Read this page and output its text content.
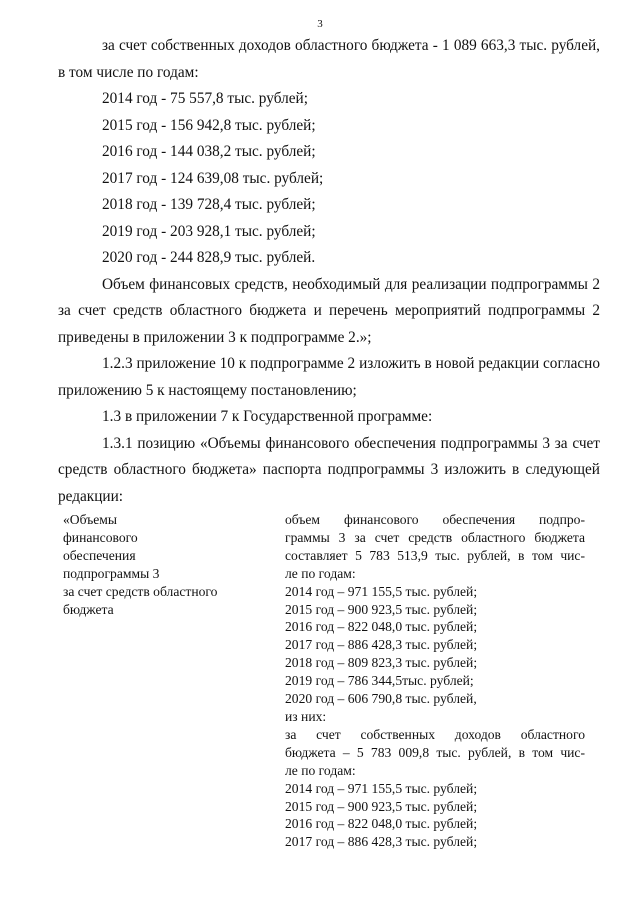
3

за счет собственных доходов областного бюджета - 1 089 663,3 тыс. рублей, в том числе по годам:

2014 год - 75 557,8 тыс. рублей;

2015 год - 156 942,8 тыс. рублей;

2016 год - 144 038,2 тыс. рублей;

2017 год - 124 639,08 тыс. рублей;

2018 год - 139 728,4 тыс. рублей;

2019 год - 203 928,1 тыс. рублей;

2020 год - 244 828,9 тыс. рублей.

Объем финансовых средств, необходимый для реализации подпрограммы 2 за счет средств областного бюджета и перечень мероприятий подпрограммы 2 приведены в приложении 3 к подпрограмме 2.»;

1.2.3 приложение 10 к подпрограмме 2 изложить в новой редакции согласно приложению 5 к настоящему постановлению;

1.3 в приложении 7 к Государственной программе:

1.3.1 позицию «Объемы финансового обеспечения подпрограммы 3 за счет средств областного бюджета» паспорта подпрограммы 3 изложить в следующей редакции:

«Объемы

финансового

обеспечения

подпрограммы 3

за счет средств областного

бюджета

объем финансового обеспечения подпро-

граммы 3 за счет средств областного бюджета

составляет 5 783 513,9 тыс. рублей, в том чис-

ле по годам:

2014 год – 971 155,5 тыс. рублей;

2015 год – 900 923,5 тыс. рублей;

2016 год – 822 048,0 тыс. рублей;

2017 год – 886 428,3 тыс. рублей;

2018 год – 809 823,3 тыс. рублей;

2019 год – 786 344,5тыс. рублей;

2020 год – 606 790,8 тыс. рублей,

из них:

за счет собственных доходов областного

бюджета – 5 783 009,8 тыс. рублей, в том чис-

ле по годам:

2014 год – 971 155,5 тыс. рублей;

2015 год – 900 923,5 тыс. рублей;

2016 год – 822 048,0 тыс. рублей;

2017 год – 886 428,3 тыс. рублей;
